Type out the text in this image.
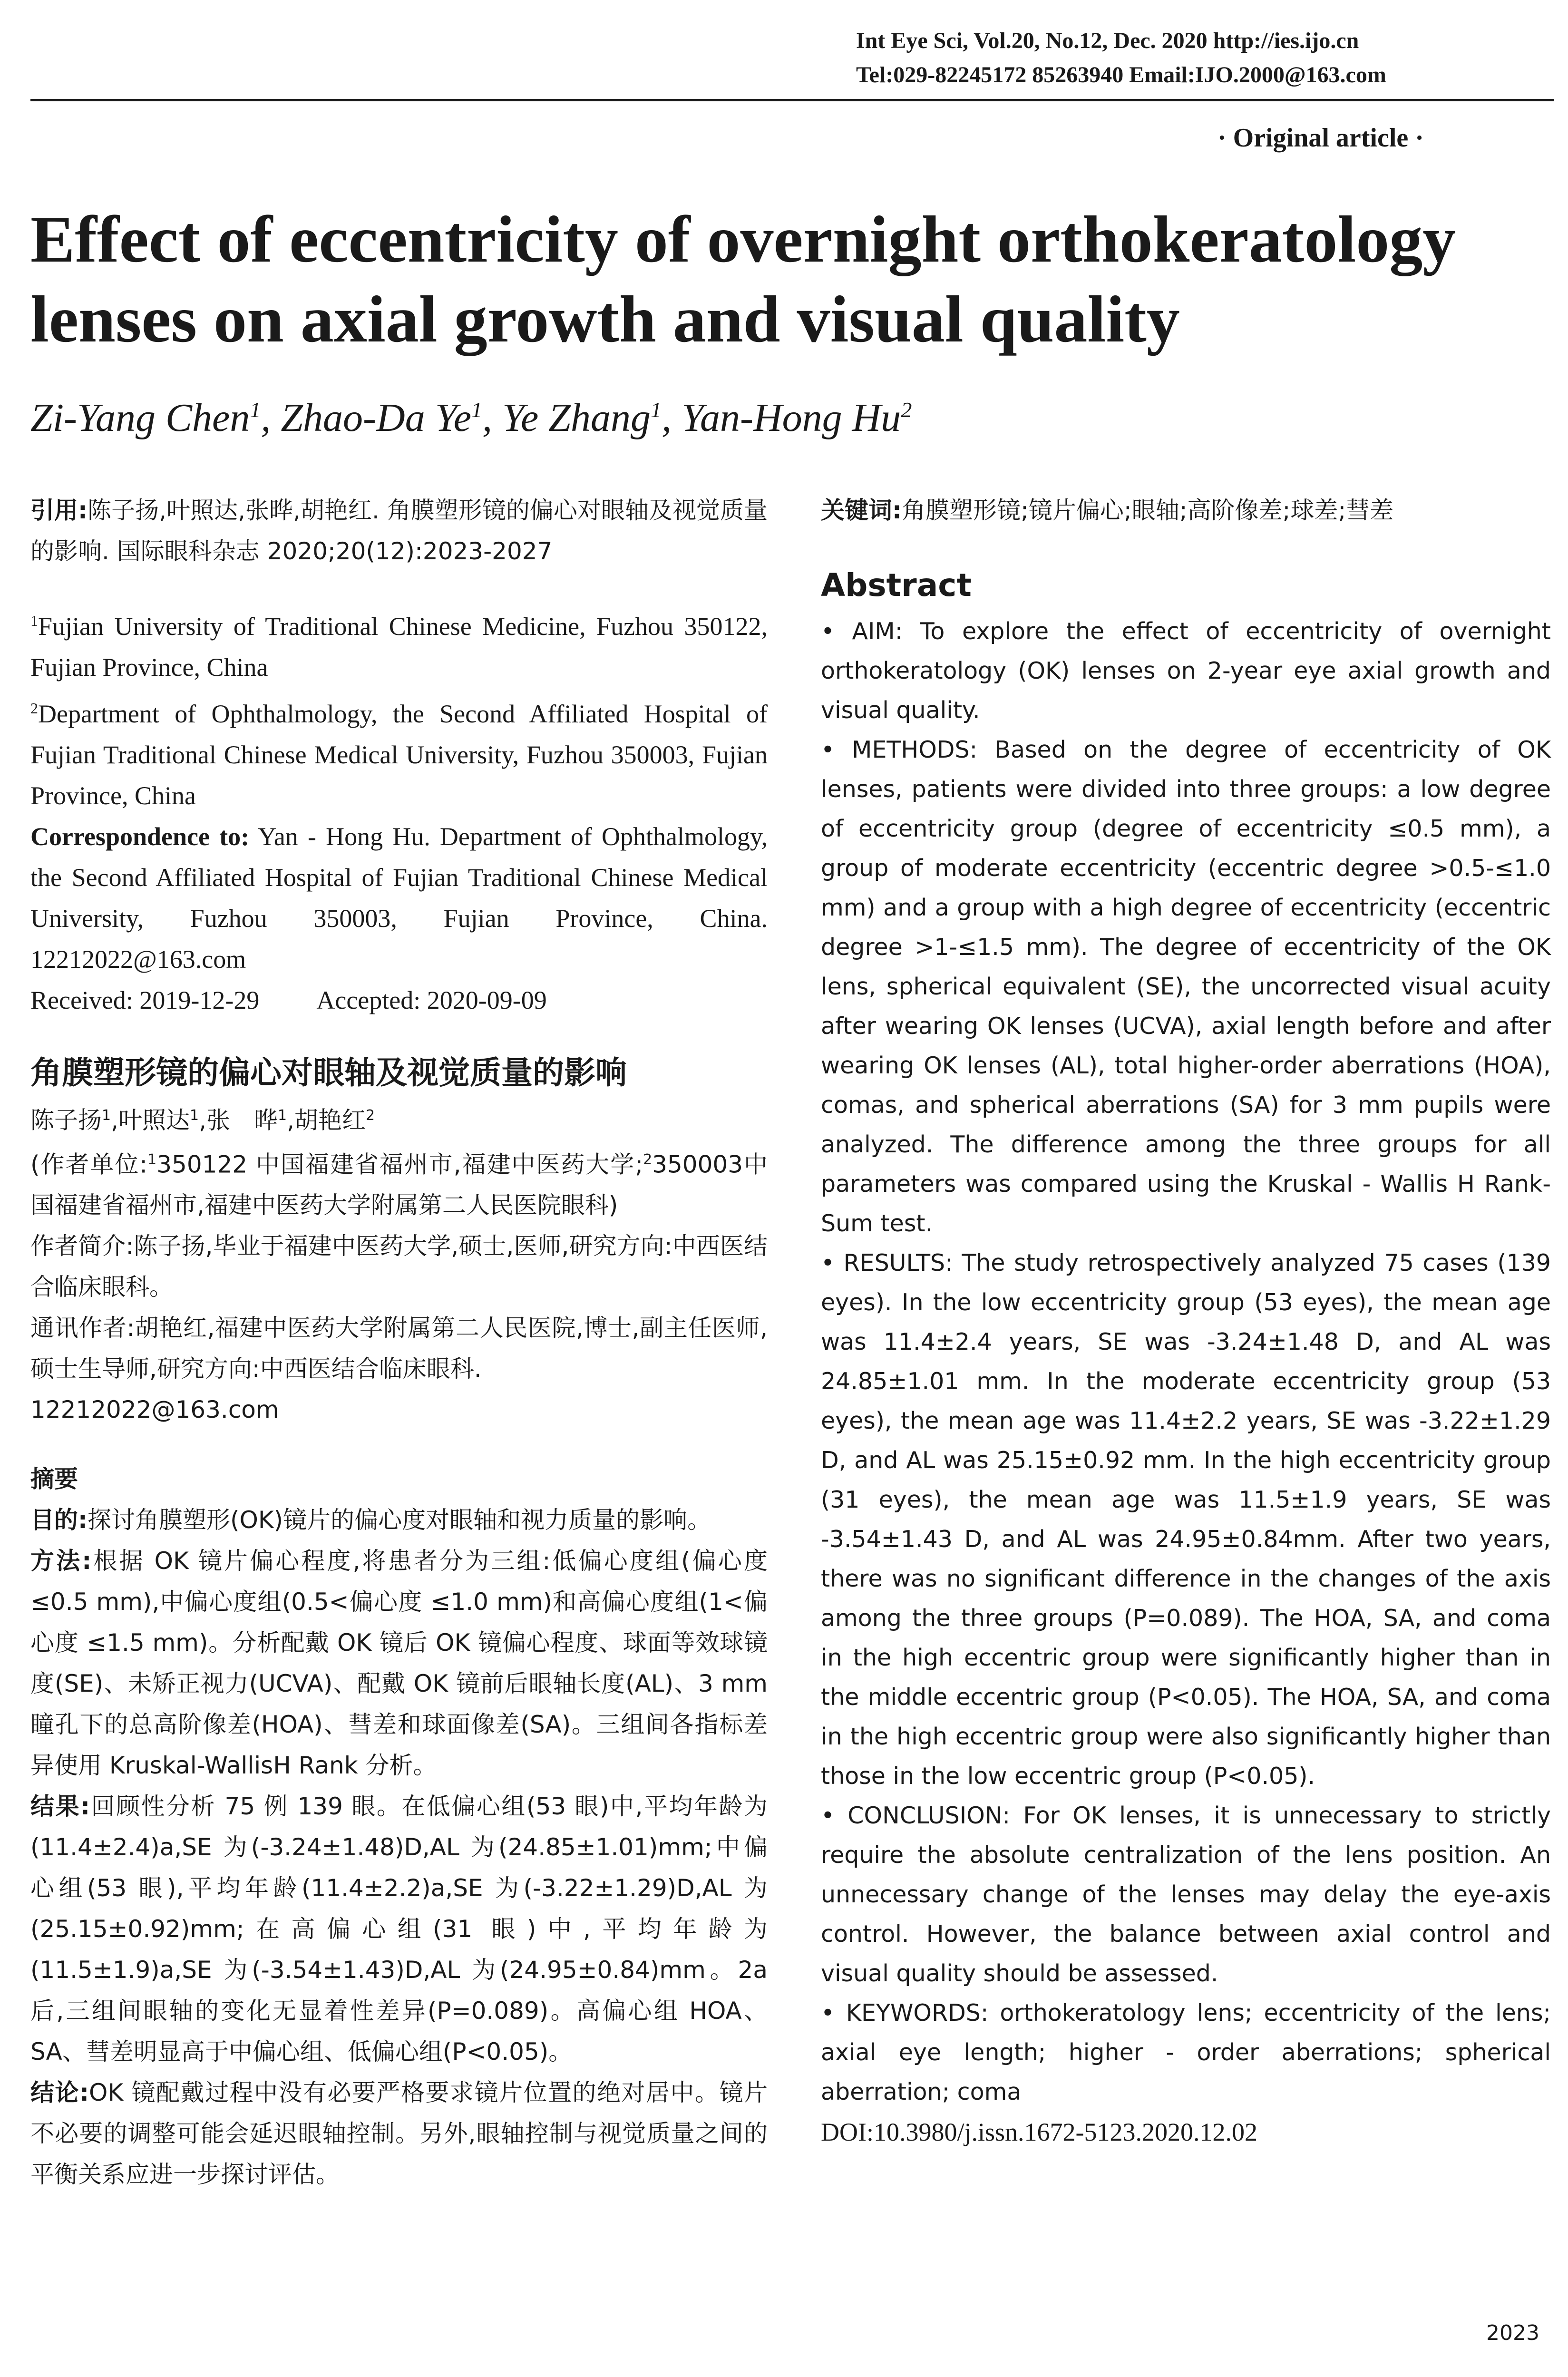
Int Eye Sci, Vol.20, No.12, Dec. 2020 http://ies.ijo.cn
Tel:029-82245172 85263940 Email:IJO.2000@163.com
· Original article ·
Effect of eccentricity of overnight orthokeratology lenses on axial growth and visual quality
Zi-Yang Chen$^1$, Zhao-Da Ye$^1$, Ye Zhang$^1$, Yan-Hong Hu$^2$
引用:陈子扬,叶照达,张晔,胡艳红. 角膜塑形镜的偏心对眼轴及视觉质量的影响. 国际眼科杂志 2020;20(12):2023-2027
$^1$Fujian University of Traditional Chinese Medicine, Fuzhou 350122, Fujian Province, China
$^2$Department of Ophthalmology, the Second Affiliated Hospital of Fujian Traditional Chinese Medical University, Fuzhou 350003, Fujian Province, China
Correspondence to: Yan - Hong Hu. Department of Ophthalmology, the Second Affiliated Hospital of Fujian Traditional Chinese Medical University, Fuzhou 350003, Fujian Province, China. 12212022@163.com
Received: 2019-12-29 Accepted: 2020-09-09
角膜塑形镜的偏心对眼轴及视觉质量的影响
陈子扬$^1$,叶照达$^1$,张　晔$^1$,胡艳红$^2$
(作者单位:$^1$350122 中国福建省福州市,福建中医药大学;$^2$350003中国福建省福州市,福建中医药大学附属第二人民医院眼科)
作者简介:陈子扬,毕业于福建中医药大学,硕士,医师,研究方向:中西医结合临床眼科。
通讯作者:胡艳红,福建中医药大学附属第二人民医院,博士,副主任医师,硕士生导师,研究方向:中西医结合临床眼科.
12212022@163.com
摘要
目的:探讨角膜塑形(OK)镜片的偏心度对眼轴和视力质量的影响。
方法:根据 OK 镜片偏心程度,将患者分为三组:低偏心度组(偏心度 ≤0.5 mm),中偏心度组(0.5<偏心度 ≤1.0 mm)和高偏心度组(1<偏心度 ≤1.5 mm)。分析配戴 OK 镜后 OK 镜偏心程度、球面等效球镜度(SE)、未矫正视力(UCVA)、配戴 OK 镜前后眼轴长度(AL)、3 mm 瞳孔下的总高阶像差(HOA)、彗差和球面像差(SA)。三组间各指标差异使用 Kruskal-WallisH Rank 分析。
结果:回顾性分析 75 例 139 眼。在低偏心组(53 眼)中,平均年龄为(11.4±2.4)a,SE 为(-3.24±1.48)D,AL 为(24.85±1.01)mm;中偏心组(53 眼),平均年龄(11.4±2.2)a,SE 为(-3.22±1.29)D,AL 为(25.15±0.92)mm;在高偏心组(31 眼)中,平均年龄为(11.5±1.9)a,SE 为(-3.54±1.43)D,AL 为(24.95±0.84)mm。2a 后,三组间眼轴的变化无显着性差异(P=0.089)。高偏心组 HOA、SA、彗差明显高于中偏心组、低偏心组(P<0.05)。
结论:OK 镜配戴过程中没有必要严格要求镜片位置的绝对居中。镜片不必要的调整可能会延迟眼轴控制。另外,眼轴控制与视觉质量之间的平衡关系应进一步探讨评估。
关键词:角膜塑形镜;镜片偏心;眼轴;高阶像差;球差;彗差
Abstract
• AIM: To explore the effect of eccentricity of overnight orthokeratology (OK) lenses on 2-year eye axial growth and visual quality.
• METHODS: Based on the degree of eccentricity of OK lenses, patients were divided into three groups: a low degree of eccentricity group (degree of eccentricity ≤0.5 mm), a group of moderate eccentricity (eccentric degree >0.5-≤1.0 mm) and a group with a high degree of eccentricity (eccentric degree >1-≤1.5 mm). The degree of eccentricity of the OK lens, spherical equivalent (SE), the uncorrected visual acuity after wearing OK lenses (UCVA), axial length before and after wearing OK lenses (AL), total higher-order aberrations (HOA), comas, and spherical aberrations (SA) for 3 mm pupils were analyzed. The difference among the three groups for all parameters was compared using the Kruskal - Wallis H Rank-Sum test.
• RESULTS: The study retrospectively analyzed 75 cases (139 eyes). In the low eccentricity group (53 eyes), the mean age was 11.4±2.4 years, SE was -3.24±1.48 D, and AL was 24.85±1.01 mm. In the moderate eccentricity group (53 eyes), the mean age was 11.4±2.2 years, SE was -3.22±1.29 D, and AL was 25.15±0.92 mm. In the high eccentricity group (31 eyes), the mean age was 11.5±1.9 years, SE was -3.54±1.43 D, and AL was 24.95±0.84mm. After two years, there was no significant difference in the changes of the axis among the three groups (P=0.089). The HOA, SA, and coma in the high eccentric group were significantly higher than in the middle eccentric group (P<0.05). The HOA, SA, and coma in the high eccentric group were also significantly higher than those in the low eccentric group (P<0.05).
• CONCLUSION: For OK lenses, it is unnecessary to strictly require the absolute centralization of the lens position. An unnecessary change of the lenses may delay the eye-axis control. However, the balance between axial control and visual quality should be assessed.
• KEYWORDS: orthokeratology lens; eccentricity of the lens; axial eye length; higher - order aberrations; spherical aberration; coma
DOI:10.3980/j.issn.1672-5123.2020.12.02
2023
